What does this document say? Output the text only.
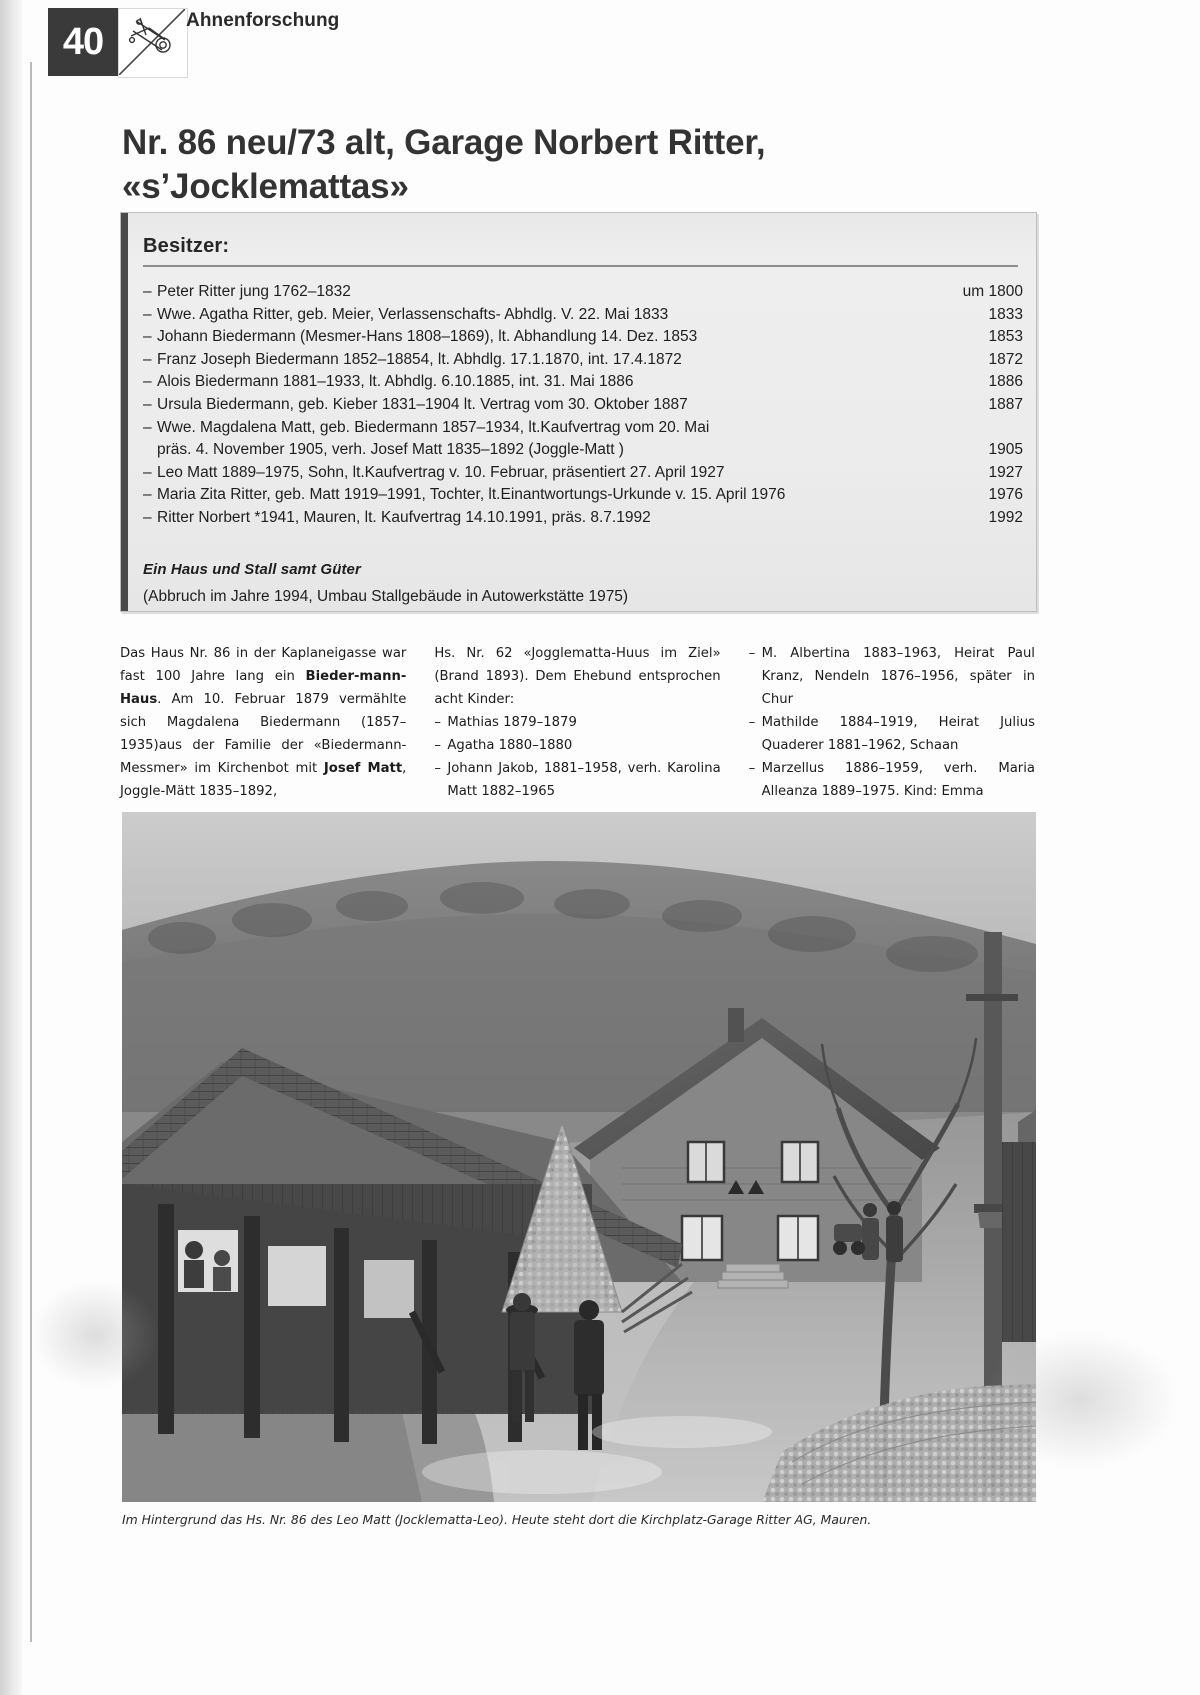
40
Ahnenforschung
Nr. 86 neu/73 alt, Garage Norbert Ritter,
«s’Jocklemattas»
Besitzer:
– Peter Ritter jung 1762–1832	um 1800
– Wwe. Agatha Ritter, geb. Meier, Verlassenschafts- Abhdlg. V. 22. Mai 1833	1833
– Johann Biedermann (Mesmer-Hans 1808–1869), lt. Abhandlung 14. Dez. 1853	1853
– Franz Joseph Biedermann 1852–18854, lt. Abhdlg. 17.1.1870, int. 17.4.1872	1872
– Alois Biedermann 1881–1933, lt. Abhdlg. 6.10.1885, int. 31. Mai 1886	1886
– Ursula Biedermann, geb. Kieber 1831–1904 lt. Vertrag vom 30. Oktober 1887	1887
– Wwe. Magdalena Matt, geb. Biedermann 1857–1934, lt.Kaufvertrag vom 20. Mai
präs. 4. November 1905, verh. Josef Matt 1835–1892 (Joggle-Matt )	1905
– Leo Matt 1889–1975, Sohn, lt.Kaufvertrag v. 10. Februar, präsentiert 27. April 1927	1927
– Maria Zita Ritter, geb. Matt 1919–1991, Tochter, lt.Einantwortungs-Urkunde v. 15. April 1976	1976
– Ritter Norbert *1941, Mauren, lt. Kaufvertrag 14.10.1991, präs. 8.7.1992	1992
Ein Haus und Stall samt Güter
(Abbruch im Jahre 1994, Umbau Stallgebäude in Autowerkstätte 1975)

Das Haus Nr. 86 in der Kaplaneigasse war fast 100 Jahre lang ein Bieder-mann-Haus. Am 10. Februar 1879 vermählte sich Magdalena Biedermann (1857–1935)aus der Familie der «Biedermann-Messmer» im Kirchenbot mit Josef Matt, Joggle-Mätt 1835–1892,

Hs. Nr. 62 «Jogglematta-Huus im Ziel» (Brand 1893). Dem Ehebund entsprochen acht Kinder:

– Mathias 1879–1879
– Agatha 1880–1880
– Johann Jakob, 1881–1958, verh. Karolina Matt 1882–1965
– M. Albertina 1883–1963, Heirat Paul Kranz, Nendeln 1876–1956, später in Chur
– Mathilde 1884–1919, Heirat Julius Quaderer 1881–1962, Schaan
– Marzellus 1886–1959, verh. Maria Alleanza 1889–1975. Kind: Emma
Im Hintergrund das Hs. Nr. 86 des Leo Matt (Jocklematta-Leo). Heute steht dort die Kirchplatz-Garage Ritter AG, Mauren.
